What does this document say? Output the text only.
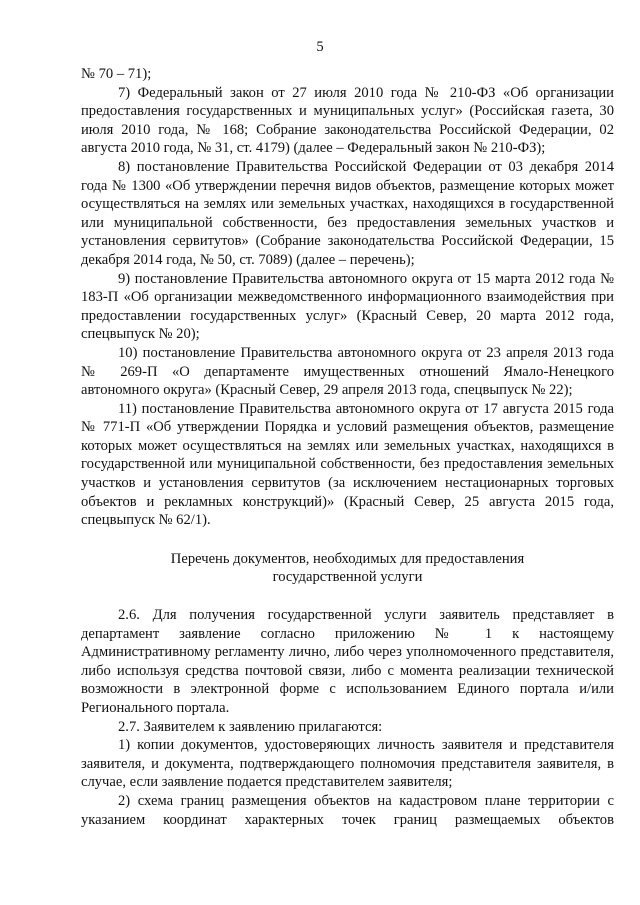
5

№ 70 – 71);

7) Федеральный закон от 27 июля 2010 года № 210-ФЗ «Об организации предоставления государственных и муниципальных услуг» (Российская газета, 30 июля 2010 года, № 168; Собрание законодательства Российской Федерации, 02 августа 2010 года, № 31, ст. 4179) (далее – Федеральный закон № 210-ФЗ);

8) постановление Правительства Российской Федерации от 03 декабря 2014 года № 1300 «Об утверждении перечня видов объектов, размещение которых может осуществляться на землях или земельных участках, находящихся в государственной или муниципальной собственности, без предоставления земельных участков и установления сервитутов» (Собрание законодательства Российской Федерации, 15 декабря 2014 года, № 50, ст. 7089) (далее – перечень);

9) постановление Правительства автономного округа от 15 марта 2012 года № 183-П «Об организации межведомственного информационного взаимодействия при предоставлении государственных услуг» (Красный Север, 20 марта 2012 года, спецвыпуск № 20);

10) постановление Правительства автономного округа от 23 апреля 2013 года № 269-П «О департаменте имущественных отношений Ямало-Ненецкого автономного округа» (Красный Север, 29 апреля 2013 года, спецвыпуск № 22);

11) постановление Правительства автономного округа от 17 августа 2015 года № 771-П «Об утверждении Порядка и условий размещения объектов, размещение которых может осуществляться на землях или земельных участках, находящихся в государственной или муниципальной собственности, без предоставления земельных участков и установления сервитутов (за исключением нестационарных торговых объектов и рекламных конструкций)» (Красный Север, 25 августа 2015 года, спецвыпуск № 62/1).

Перечень документов, необходимых для предоставления
государственной услуги

2.6. Для получения государственной услуги заявитель представляет в департамент заявление согласно приложению № 1 к настоящему Административному регламенту лично, либо через уполномоченного представителя, либо используя средства почтовой связи, либо с момента реализации технической возможности в электронной форме с использованием Единого портала и/или Регионального портала.

2.7. Заявителем к заявлению прилагаются:

1) копии документов, удостоверяющих личность заявителя и представителя заявителя, и документа, подтверждающего полномочия представителя заявителя, в случае, если заявление подается представителем заявителя;

2) схема границ размещения объектов на кадастровом плане территории с указанием координат характерных точек границ размещаемых объектов
